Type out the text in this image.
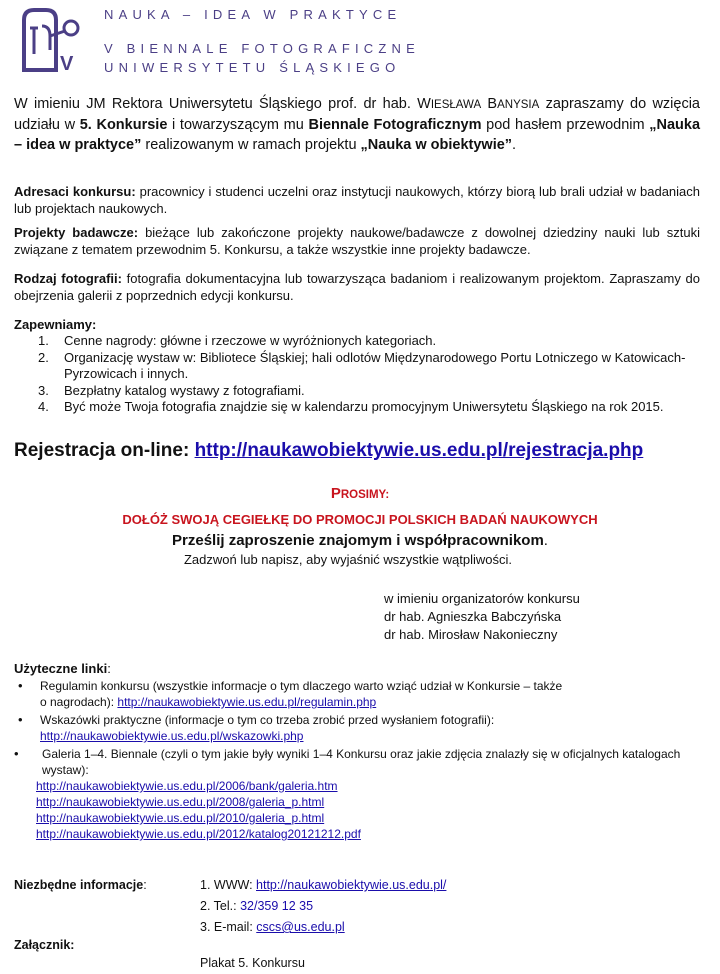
V
NAUKA – IDEA W PRAKTYCE
V BIENNALE FOTOGRAFICZNE
UNIWERSYTETU ŚLĄSKIEGO
W imieniu JM Rektora Uniwersytetu Śląskiego prof. dr hab. WIESŁAWA BANYSIA zapraszamy do wzięcia udziału w 5. Konkursie i towarzyszącym mu Biennale Fotograficznym pod hasłem przewodnim „Nauka – idea w praktyce” realizowanym w ramach projektu „Nauka w obiektywie”.
Adresaci konkursu: pracownicy i studenci uczelni oraz instytucji naukowych, którzy biorą lub brali udział w badaniach lub projektach naukowych.
Projekty badawcze: bieżące lub zakończone projekty naukowe/badawcze z dowolnej dziedziny nauki lub sztuki związane z tematem przewodnim 5. Konkursu, a także wszystkie inne projekty badawcze.
Rodzaj fotografii: fotografia dokumentacyjna lub towarzysząca badaniom i realizowanym projektom. Zapraszamy do obejrzenia galerii z poprzednich edycji konkursu.
Zapewniamy:
1.	Cenne nagrody: główne i rzeczowe w wyróżnionych kategoriach.
2.	Organizację wystaw w: Bibliotece Śląskiej; hali odlotów Międzynarodowego Portu Lotniczego w Katowicach-Pyrzowicach i innych.
3.	Bezpłatny katalog wystawy z fotografiami.
4.	Być może Twoja fotografia znajdzie się w kalendarzu promocyjnym Uniwersytetu Śląskiego na rok 2015.
Rejestracja on-line: http://naukawobiektywie.us.edu.pl/rejestracja.php
PROSIMY:
DOŁÓŻ SWOJĄ CEGIEŁKĘ DO PROMOCJI POLSKICH BADAŃ NAUKOWYCH
Prześlij zaproszenie znajomym i współpracownikom.
Zadzwoń lub napisz, aby wyjaśnić wszystkie wątpliwości.
w imieniu organizatorów konkursu
dr hab. Agnieszka Babczyńska
dr hab. Mirosław Nakonieczny
Użyteczne linki:
• Regulamin konkursu (wszystkie informacje o tym dlaczego warto wziąć udział w Konkursie – także
o nagrodach): http://naukawobiektywie.us.edu.pl/regulamin.php
• Wskazówki praktyczne (informacje o tym co trzeba zrobić przed wysłaniem fotografii):
http://naukawobiektywie.us.edu.pl/wskazowki.php
• Galeria 1–4. Biennale (czyli o tym jakie były wyniki 1–4 Konkursu oraz jakie zdjęcia znalazły się w oficjalnych katalogach wystaw):
http://naukawobiektywie.us.edu.pl/2006/bank/galeria.htm
http://naukawobiektywie.us.edu.pl/2008/galeria_p.html
http://naukawobiektywie.us.edu.pl/2010/galeria_p.html
http://naukawobiektywie.us.edu.pl/2012/katalog20121212.pdf
Niezbędne informacje:	1. WWW: http://naukawobiektywie.us.edu.pl/
2. Tel.: 32/359 12 35
3. E-mail: cscs@us.edu.pl
Załącznik:
Plakat 5. Konkursu
